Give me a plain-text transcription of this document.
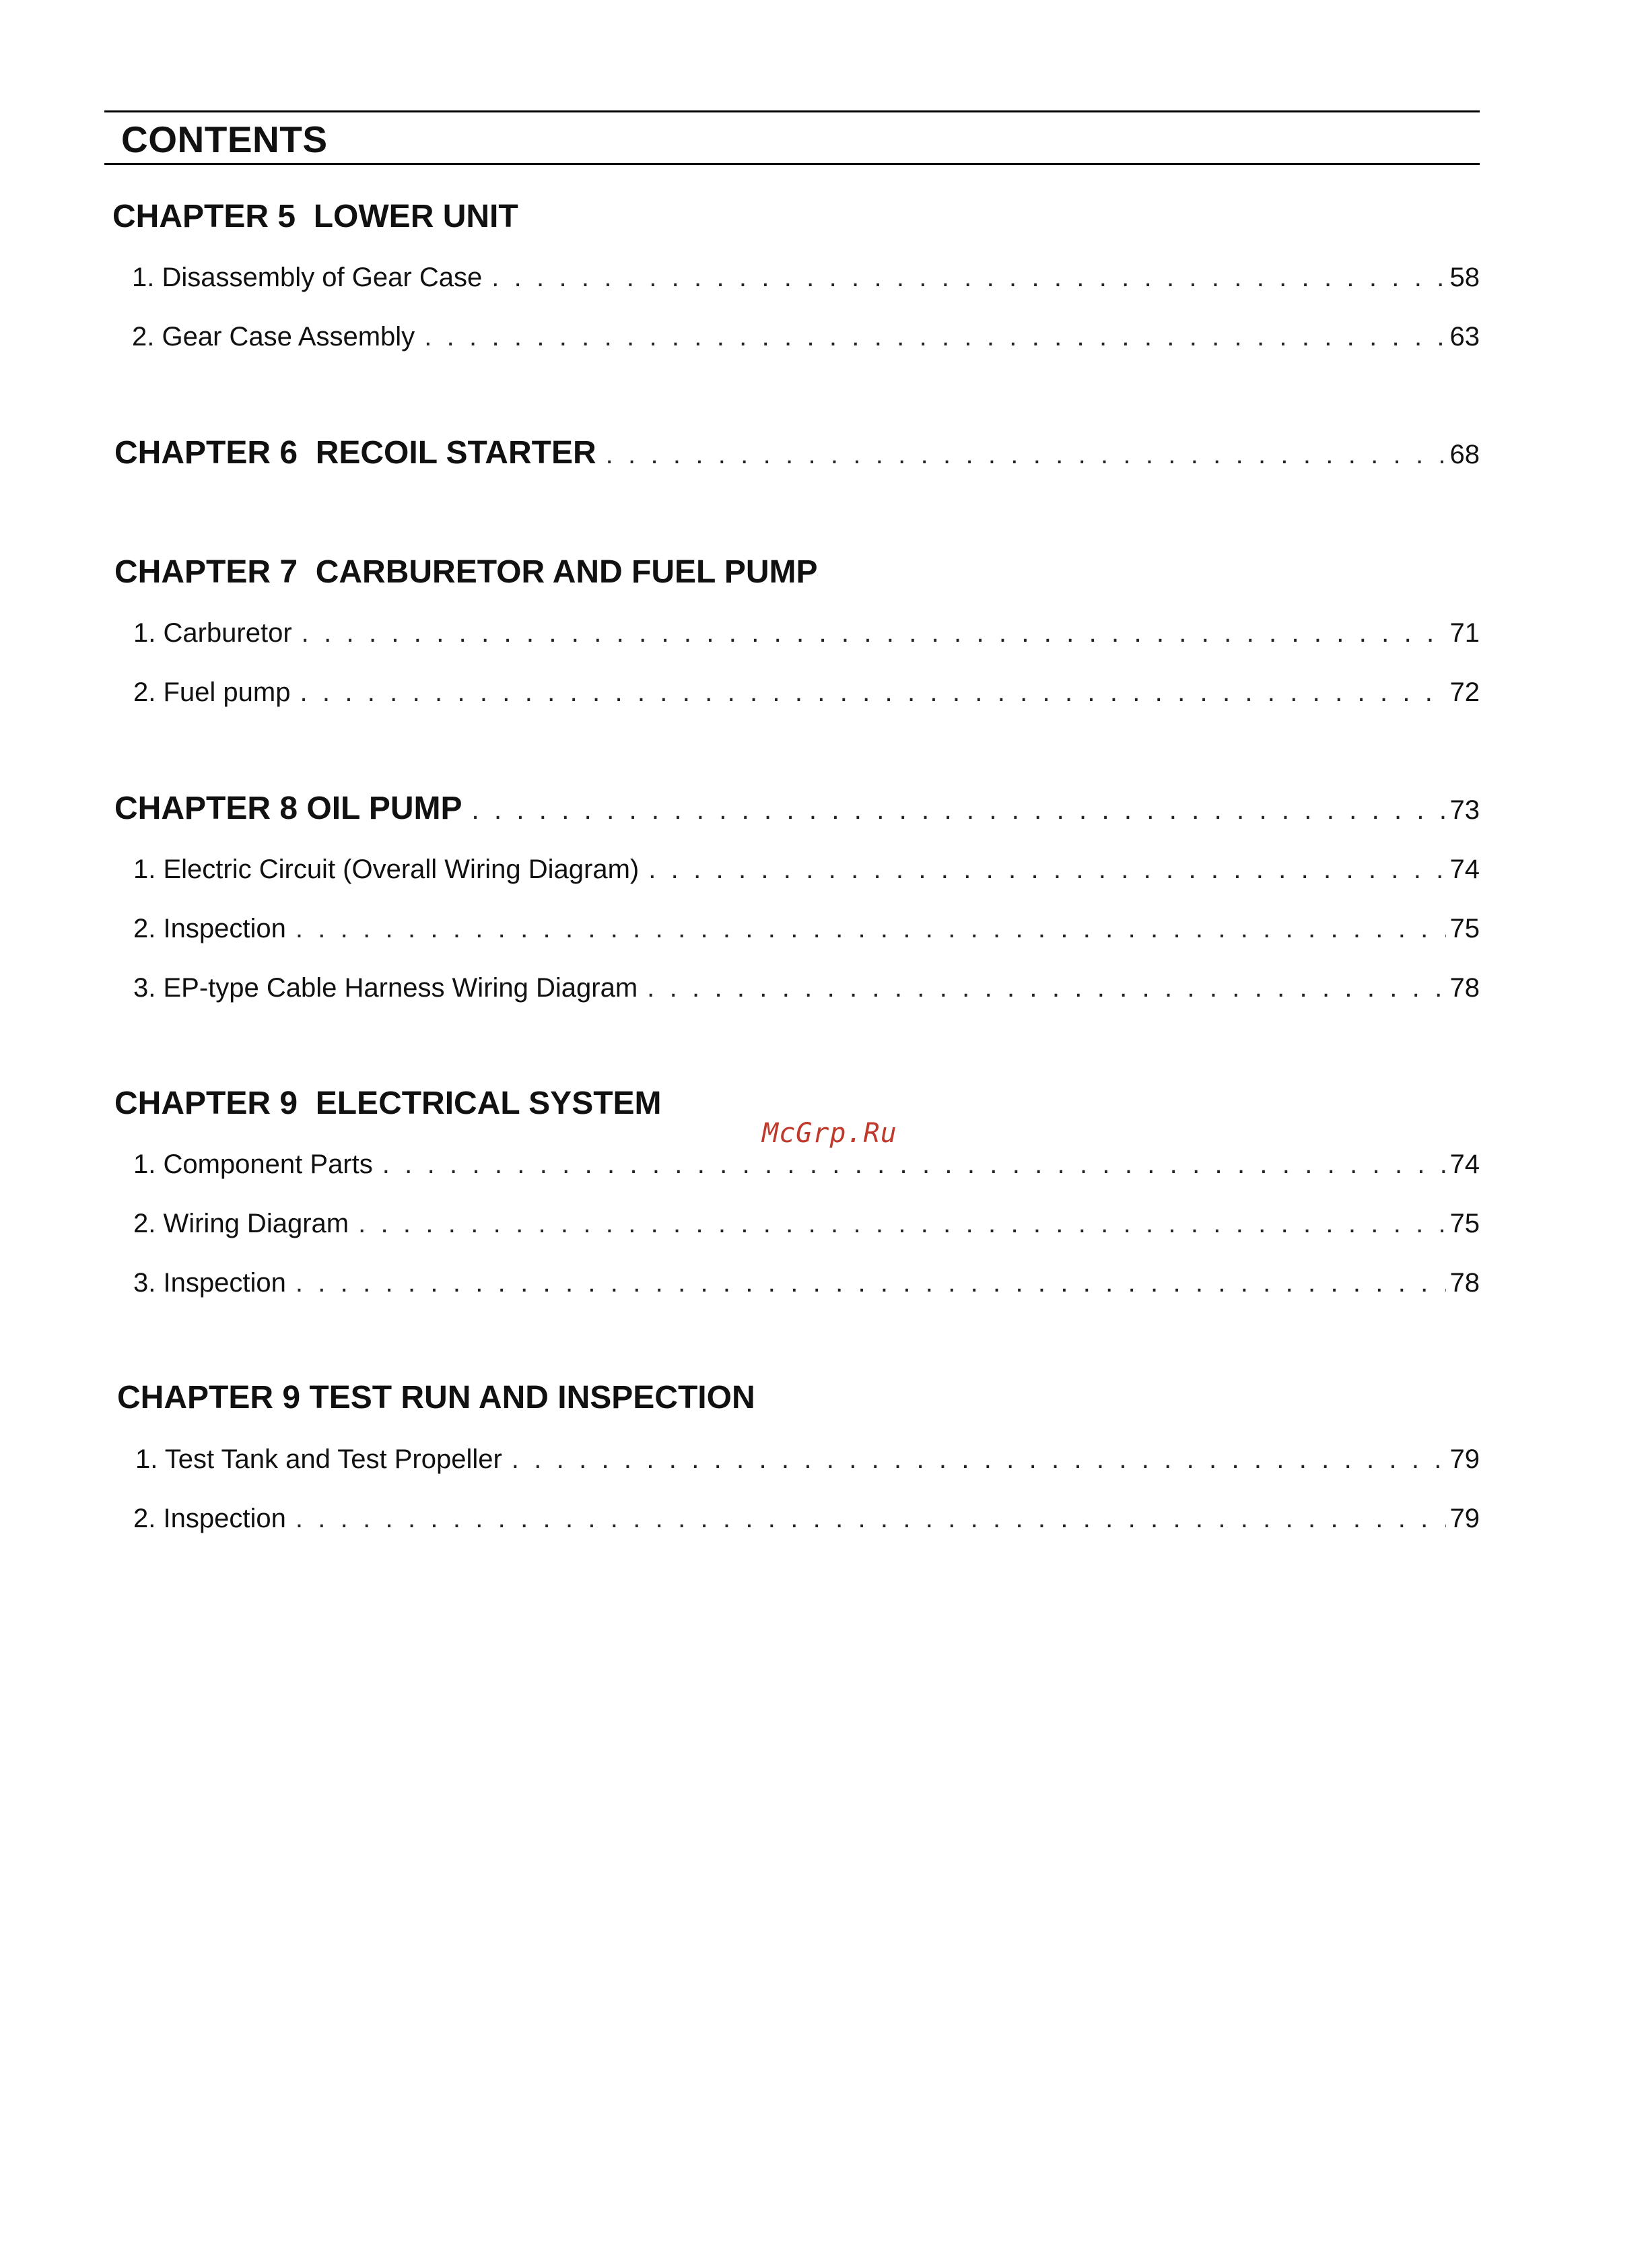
CONTENTS
CHAPTER 5  LOWER UNIT
1. Disassembly of Gear Case . . .	58
2. Gear Case Assembly . . .	63
CHAPTER 6  RECOIL STARTER . . .	68
CHAPTER 7  CARBURETOR AND FUEL PUMP
1. Carburetor . . .	71
2. Fuel pump . . .	72
CHAPTER 8 OIL PUMP . . .	73
1. Electric Circuit (Overall Wiring Diagram) . . .	74
2. Inspection . . .	75
3. EP-type Cable Harness Wiring Diagram . . .	78
CHAPTER 9  ELECTRICAL SYSTEM
McGrp.Ru
1. Component Parts . . .	74
2. Wiring Diagram . . .	75
3. Inspection . . .	78
CHAPTER 9 TEST RUN AND INSPECTION
1. Test Tank and Test Propeller . . .	79
2. Inspection . . .	79
